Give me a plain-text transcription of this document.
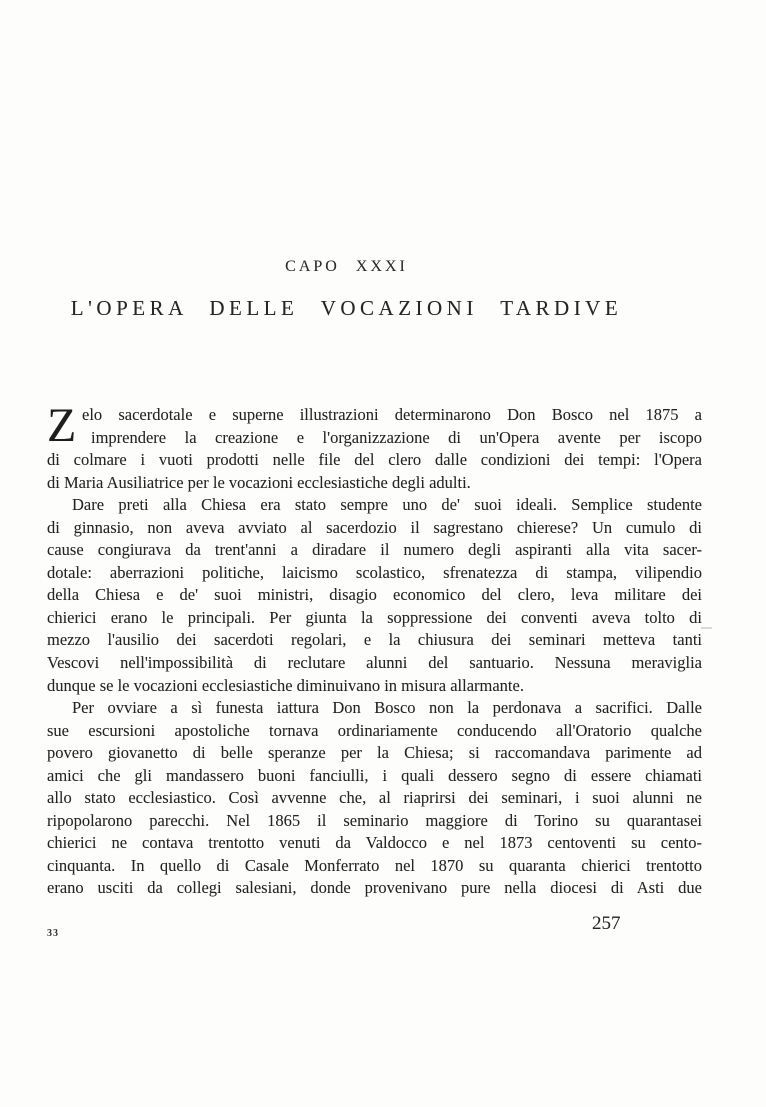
CAPO XXXI
L'OPERA DELLE VOCAZIONI TARDIVE
Z elo sacerdotale e superne illustrazioni determinarono Don Bosco nel 1875 a
imprendere la creazione e l'organizzazione di un'Opera avente per iscopo
di colmare i vuoti prodotti nelle file del clero dalle condizioni dei tempi: l'Opera
di Maria Ausiliatrice per le vocazioni ecclesiastiche degli adulti.
Dare preti alla Chiesa era stato sempre uno de' suoi ideali. Semplice studente
di ginnasio, non aveva avviato al sacerdozio il sagrestano chierese? Un cumulo di
cause congiurava da trent'anni a diradare il numero degli aspiranti alla vita sacer-
dotale: aberrazioni politiche, laicismo scolastico, sfrenatezza di stampa, vilipendio
della Chiesa e de' suoi ministri, disagio economico del clero, leva militare dei
chierici erano le principali. Per giunta la soppressione dei conventi aveva tolto di
mezzo l'ausilio dei sacerdoti regolari, e la chiusura dei seminari metteva tanti
Vescovi nell'impossibilità di reclutare alunni del santuario. Nessuna meraviglia
dunque se le vocazioni ecclesiastiche diminuivano in misura allarmante.
Per ovviare a sì funesta iattura Don Bosco non la perdonava a sacrifici. Dalle
sue escursioni apostoliche tornava ordinariamente conducendo all'Oratorio qualche
povero giovanetto di belle speranze per la Chiesa; si raccomandava parimente ad
amici che gli mandassero buoni fanciulli, i quali dessero segno di essere chiamati
allo stato ecclesiastico. Così avvenne che, al riaprirsi dei seminari, i suoi alunni ne
ripopolarono parecchi. Nel 1865 il seminario maggiore di Torino su quarantasei
chierici ne contava trentotto venuti da Valdocco e nel 1873 centoventi su cento-
cinquanta. In quello di Casale Monferrato nel 1870 su quaranta chierici trentotto
erano usciti da collegi salesiani, donde provenivano pure nella diocesi di Asti due
33	257
